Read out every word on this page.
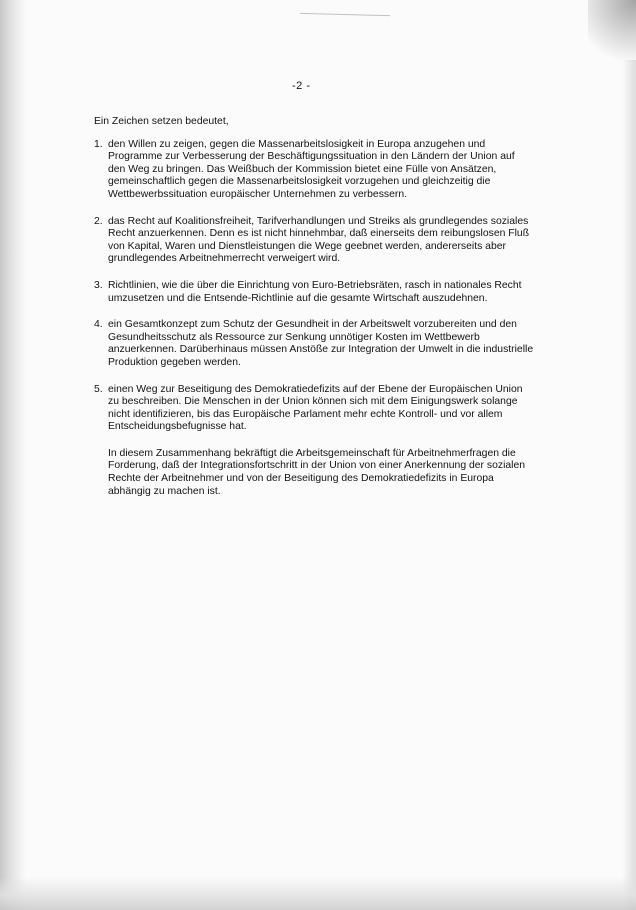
-2 -

Ein Zeichen setzen bedeutet,

1. den Willen zu zeigen, gegen die Massenarbeitslosigkeit in Europa anzugehen und Programme zur Verbesserung der Beschäftigungssituation in den Ländern der Union auf den Weg zu bringen. Das Weißbuch der Kommission bietet eine Fülle von Ansätzen, gemeinschaftlich gegen die Massenarbeitslosigkeit vorzugehen und gleichzeitig die Wettbewerbssituation europäischer Unternehmen zu verbessern.
2. das Recht auf Koalitionsfreiheit, Tarifverhandlungen und Streiks als grundlegendes soziales Recht anzuerkennen. Denn es ist nicht hinnehmbar, daß einerseits dem reibungslosen Fluß von Kapital, Waren und Dienstleistungen die Wege geebnet werden, andererseits aber grundlegendes Arbeitnehmerrecht verweigert wird.
3. Richtlinien, wie die über die Einrichtung von Euro-Betriebsräten, rasch in nationales Recht umzusetzen und die Entsende-Richtlinie auf die gesamte Wirtschaft auszudehnen.
4. ein Gesamtkonzept zum Schutz der Gesundheit in der Arbeitswelt vorzubereiten und den Gesundheitsschutz als Ressource zur Senkung unnötiger Kosten im Wettbewerb anzuerkennen. Darüberhinaus müssen Anstöße zur Integration der Umwelt in die industrielle Produktion gegeben werden.
5. einen Weg zur Beseitigung des Demokratiedefizits auf der Ebene der Europäischen Union zu beschreiben. Die Menschen in der Union können sich mit dem Einigungswerk solange nicht identifizieren, bis das Europäische Parlament mehr echte Kontroll- und vor allem Entscheidungsbefugnisse hat.

In diesem Zusammenhang bekräftigt die Arbeitsgemeinschaft für Arbeitnehmerfragen die Forderung, daß der Integrationsfortschritt in der Union von einer Anerkennung der sozialen Rechte der Arbeitnehmer und von der Beseitigung des Demokratiedefizits in Europa abhängig zu machen ist.
